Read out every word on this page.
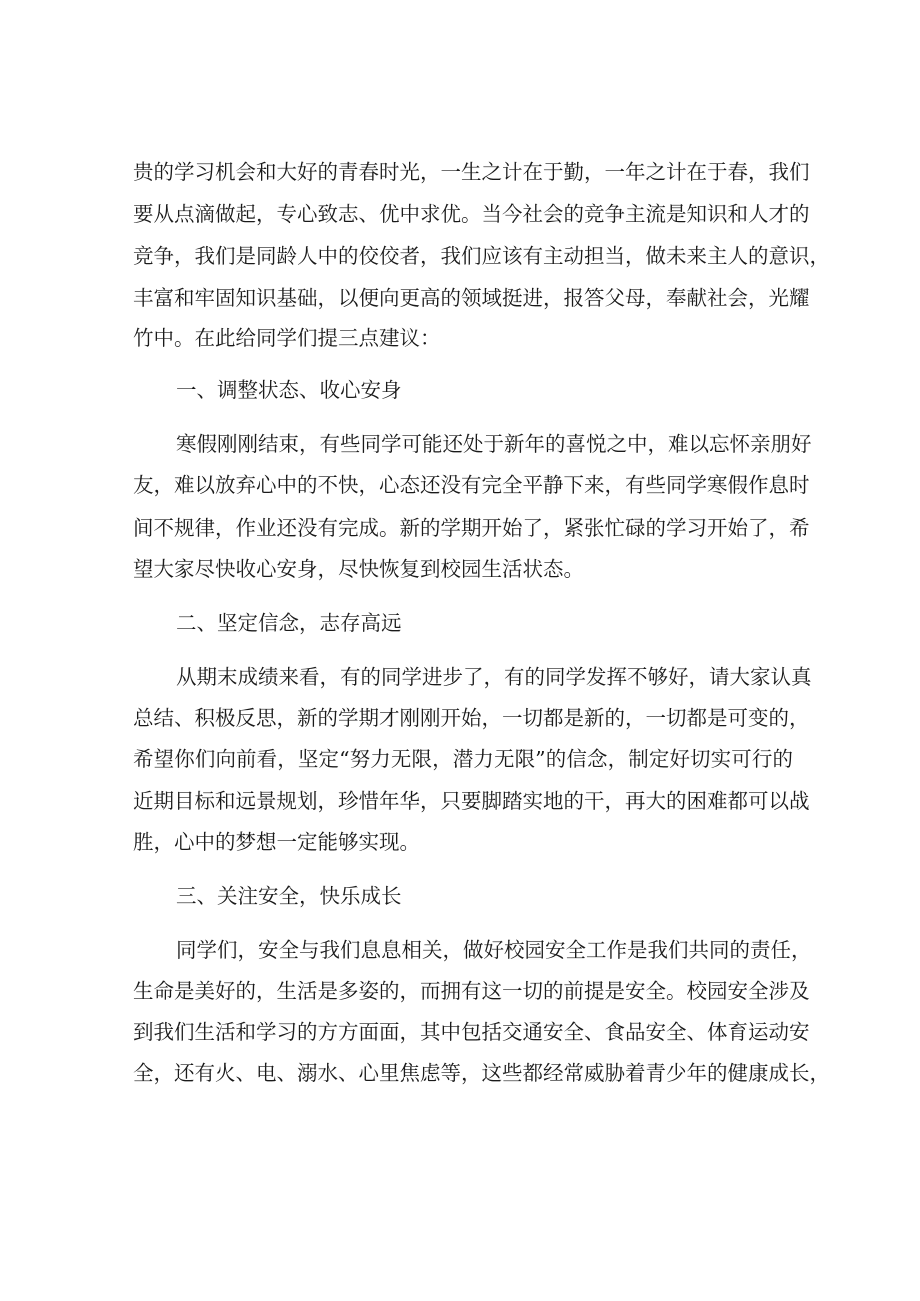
贵的学习机会和大好的青春时光，一生之计在于勤，一年之计在于春，我们
要从点滴做起，专心致志、优中求优。当今社会的竞争主流是知识和人才的
竞争，我们是同龄人中的佼佼者，我们应该有主动担当，做未来主人的意识，
丰富和牢固知识基础，以便向更高的领域挺进，报答父母，奉献社会，光耀
竹中。在此给同学们提三点建议：
一、调整状态、收心安身
寒假刚刚结束，有些同学可能还处于新年的喜悦之中，难以忘怀亲朋好
友，难以放弃心中的不快，心态还没有完全平静下来，有些同学寒假作息时
间不规律，作业还没有完成。新的学期开始了，紧张忙碌的学习开始了，希
望大家尽快收心安身，尽快恢复到校园生活状态。
二、坚定信念，志存高远
从期末成绩来看，有的同学进步了，有的同学发挥不够好，请大家认真
总结、积极反思，新的学期才刚刚开始，一切都是新的，一切都是可变的，
希望你们向前看，坚定“努力无限，潜力无限”的信念，制定好切实可行的
近期目标和远景规划，珍惜年华，只要脚踏实地的干，再大的困难都可以战
胜，心中的梦想一定能够实现。
三、关注安全，快乐成长
同学们，安全与我们息息相关，做好校园安全工作是我们共同的责任，
生命是美好的，生活是多姿的，而拥有这一切的前提是安全。校园安全涉及
到我们生活和学习的方方面面，其中包括交通安全、食品安全、体育运动安
全，还有火、电、溺水、心里焦虑等，这些都经常威胁着青少年的健康成长，
